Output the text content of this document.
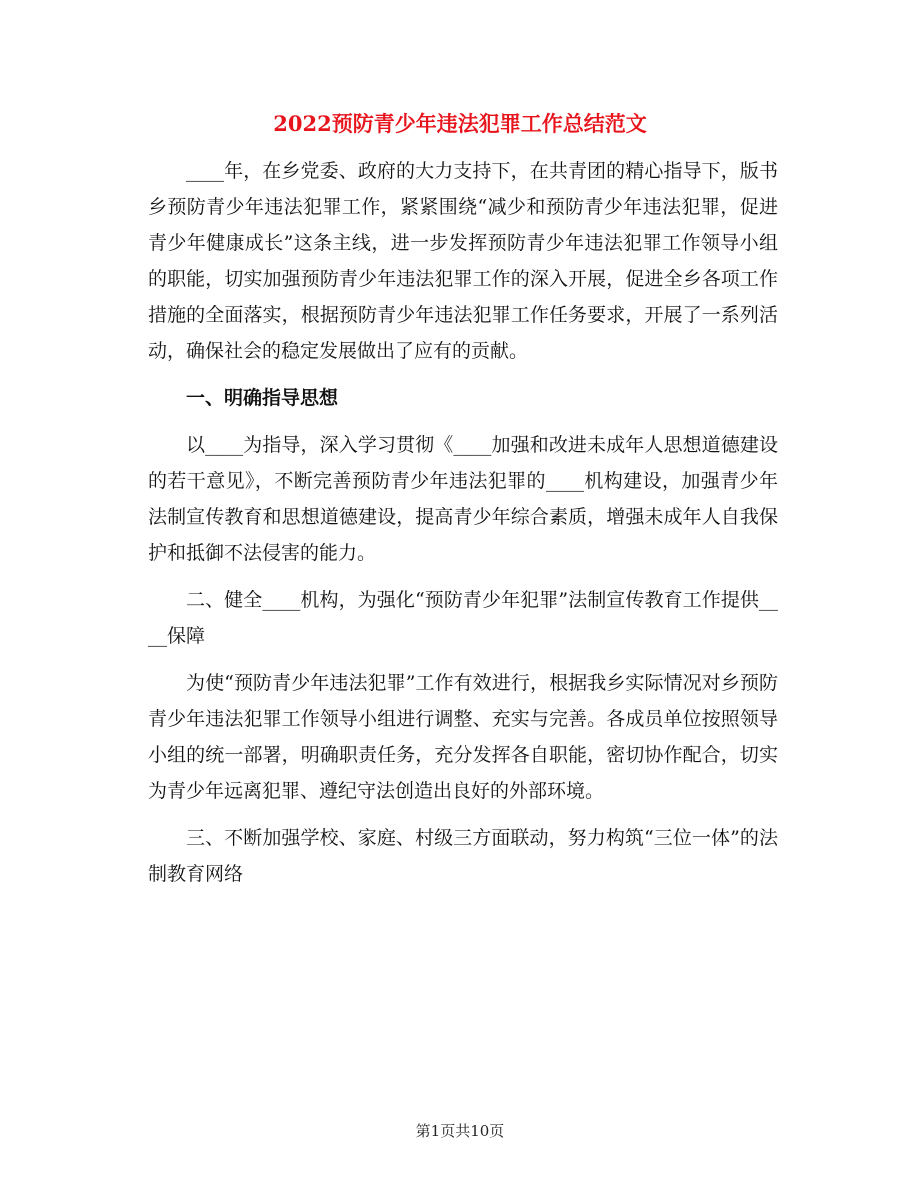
2022预防青少年违法犯罪工作总结范文

____年，在乡党委、政府的大力支持下，在共青团的精心指导下，版书乡预防青少年违法犯罪工作，紧紧围绕“减少和预防青少年违法犯罪，促进青少年健康成长”这条主线，进一步发挥预防青少年违法犯罪工作领导小组的职能，切实加强预防青少年违法犯罪工作的深入开展，促进全乡各项工作措施的全面落实，根据预防青少年违法犯罪工作任务要求，开展了一系列活动，确保社会的稳定发展做出了应有的贡献。

一、明确指导思想

以____为指导，深入学习贯彻《____加强和改进未成年人思想道德建设的若干意见》，不断完善预防青少年违法犯罪的____机构建设，加强青少年法制宣传教育和思想道德建设，提高青少年综合素质，增强未成年人自我保护和抵御不法侵害的能力。

二、健全____机构，为强化“预防青少年犯罪”法制宣传教育工作提供____保障

为使“预防青少年违法犯罪”工作有效进行，根据我乡实际情况对乡预防青少年违法犯罪工作领导小组进行调整、充实与完善。各成员单位按照领导小组的统一部署，明确职责任务，充分发挥各自职能，密切协作配合，切实为青少年远离犯罪、遵纪守法创造出良好的外部环境。

三、不断加强学校、家庭、村级三方面联动，努力构筑“三位一体”的法制教育网络

第1页共10页
